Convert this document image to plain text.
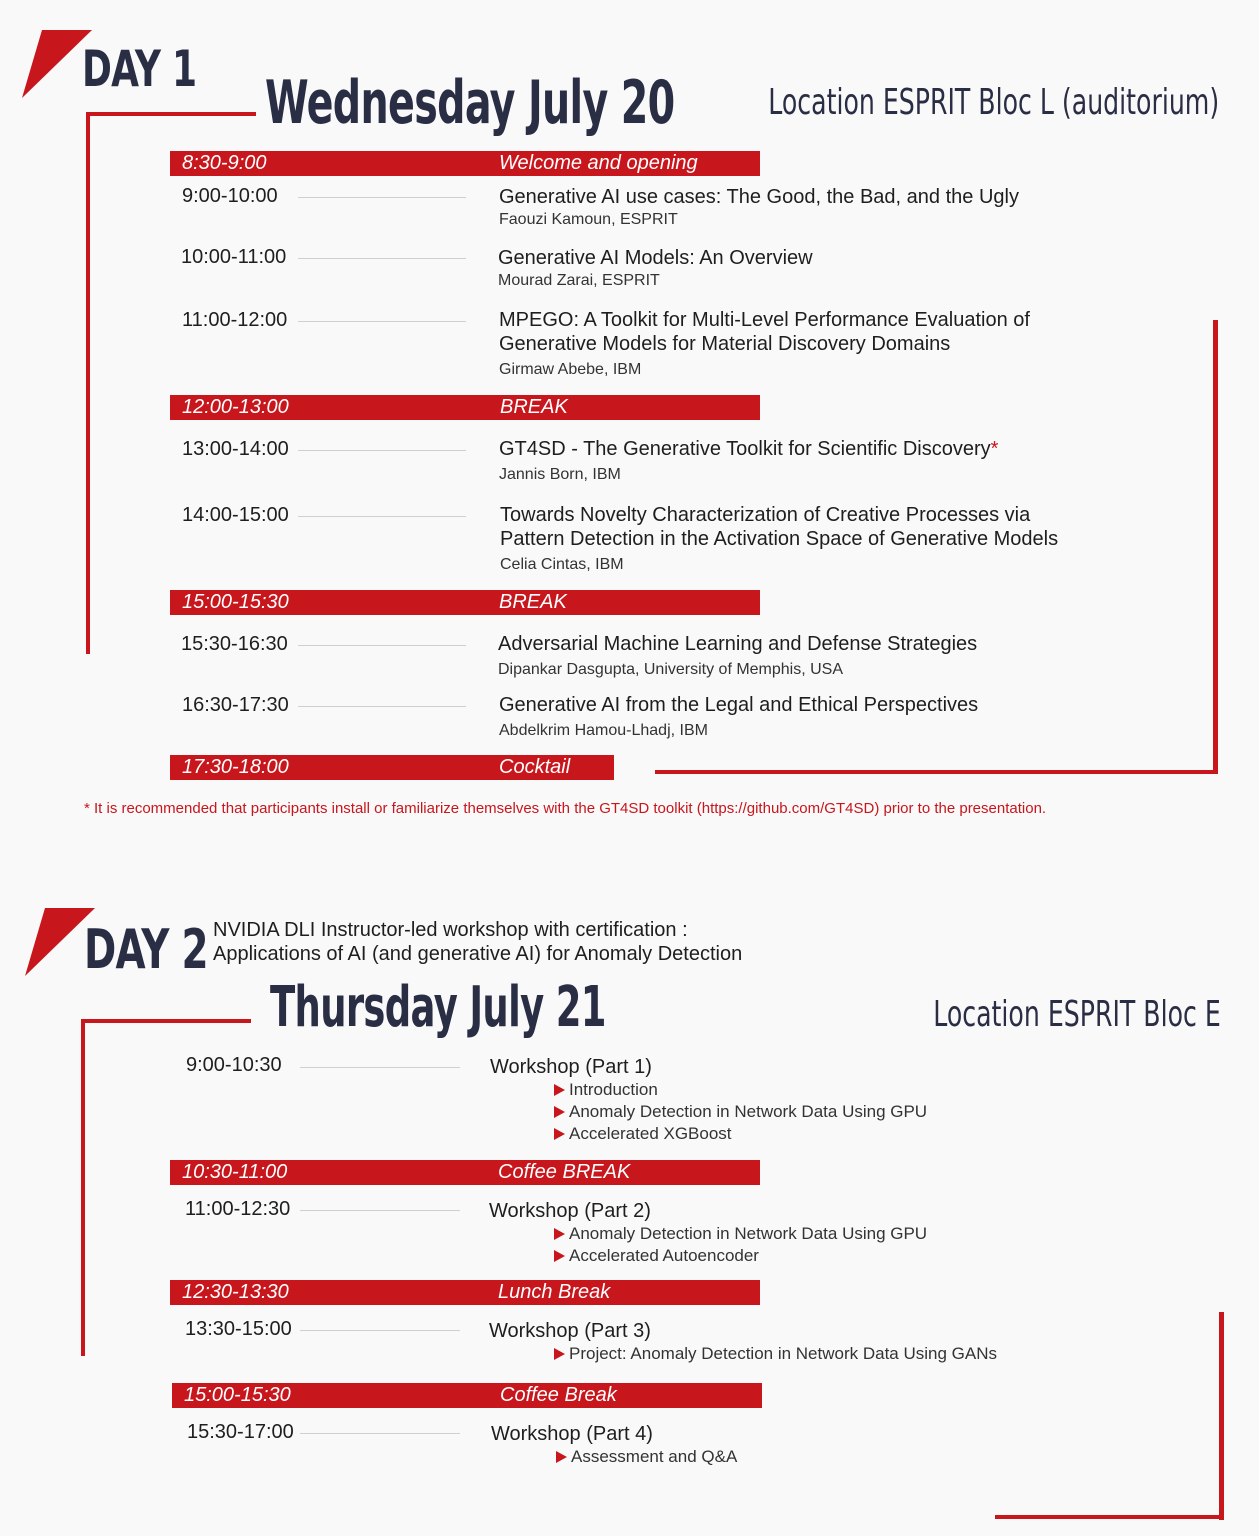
DAY 1 Wednesday July 20	Location ESPRIT Bloc L (auditorium)
8:30-9:00	Welcome and opening
9:00-10:00	Generative AI use cases: The Good, the Bad, and the Ugly
Faouzi Kamoun, ESPRIT
10:00-11:00	Generative AI Models: An Overview
Mourad Zarai, ESPRIT
11:00-12:00	MPEGO: A Toolkit for Multi-Level Performance Evaluation of
Generative Models for Material Discovery Domains
Girmaw Abebe, IBM
12:00-13:00	BREAK
13:00-14:00	GT4SD - The Generative Toolkit for Scientific Discovery*
Jannis Born, IBM
14:00-15:00	Towards Novelty Characterization of Creative Processes via
Pattern Detection in the Activation Space of Generative Models
Celia Cintas, IBM
15:00-15:30	BREAK
15:30-16:30	Adversarial Machine Learning and Defense Strategies
Dipankar Dasgupta, University of Memphis, USA
16:30-17:30	Generative AI from the Legal and Ethical Perspectives
Abdelkrim Hamou-Lhadj, IBM
17:30-18:00	Cocktail
* It is recommended that participants install or familiarize themselves with the GT4SD toolkit (https://github.com/GT4SD) prior to the presentation.
DAY 2 NVIDIA DLI Instructor-led workshop with certification :
Applications of AI (and generative AI) for Anomaly Detection
Thursday July 21	Location ESPRIT Bloc E
9:00-10:30	Workshop (Part 1)
Introduction
Anomaly Detection in Network Data Using GPU
Accelerated XGBoost
10:30-11:00	Coffee BREAK
11:00-12:30	Workshop (Part 2)
Anomaly Detection in Network Data Using GPU
Accelerated Autoencoder
12:30-13:30	Lunch Break
13:30-15:00	Workshop (Part 3)
Project: Anomaly Detection in Network Data Using GANs
15:00-15:30	Coffee Break
15:30-17:00	Workshop (Part 4)
Assessment and Q&A
